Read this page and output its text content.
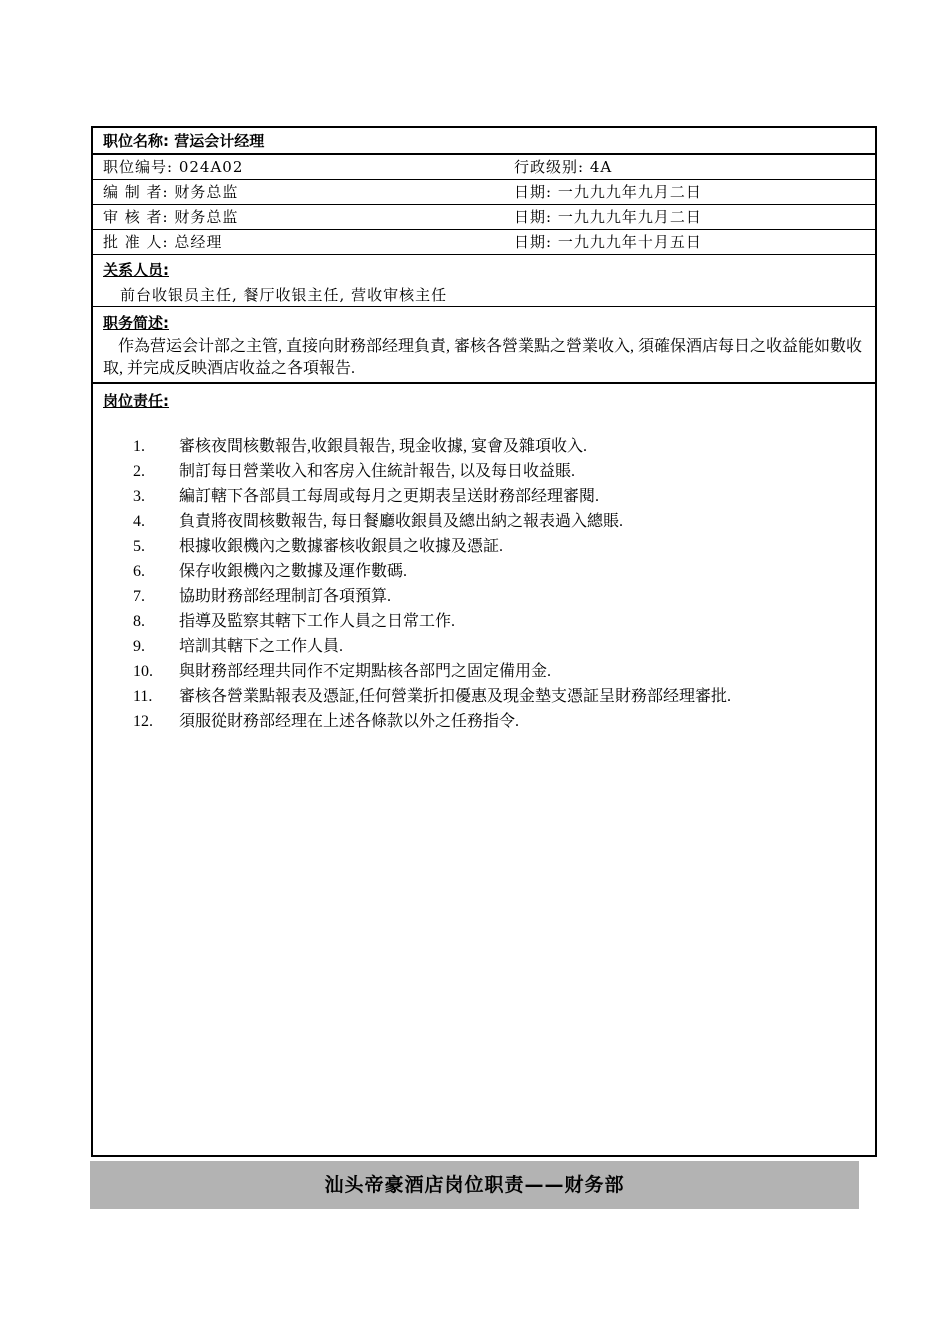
职位名称: 营运会计经理
职位编号: 024A02	行政级别: 4A
编 制 者: 财务总监	日期: 一九九九年九月二日
审 核 者: 财务总监	日期: 一九九九年九月二日
批 准 人: 总经理	日期: 一九九九年十月五日
关系人员:
前台收银员主任, 餐厅收银主任, 营收审核主任
职务简述:
作為营运会计部之主管, 直接向財務部经理負責, 審核各營業點之營業收入, 須確保酒店每日之收益能如數收取, 并完成反映酒店收益之各項報告.
岗位责任:
1.	審核夜間核數報告,收銀員報告, 現金收據, 宴會及雜項收入.
2.	制訂每日營業收入和客房入住統計報告, 以及每日收益賬.
3.	編訂轄下各部員工每周或每月之更期表呈送財務部经理審閱.
4.	負責將夜間核數報告, 每日餐廳收銀員及總出納之報表過入總賬.
5.	根據收銀機內之數據審核收銀員之收據及憑証.
6.	保存收銀機內之數據及運作數碼.
7.	協助財務部经理制訂各項預算.
8.	指導及監察其轄下工作人員之日常工作.
9.	培訓其轄下之工作人員.
10.	與財務部经理共同作不定期點核各部門之固定備用金.
11.	審核各營業點報表及憑証,任何營業折扣優惠及現金墊支憑証呈財務部经理審批.
12.	須服從財務部经理在上述各條款以外之任務指令.
汕头帝豪酒店岗位职责——财务部
